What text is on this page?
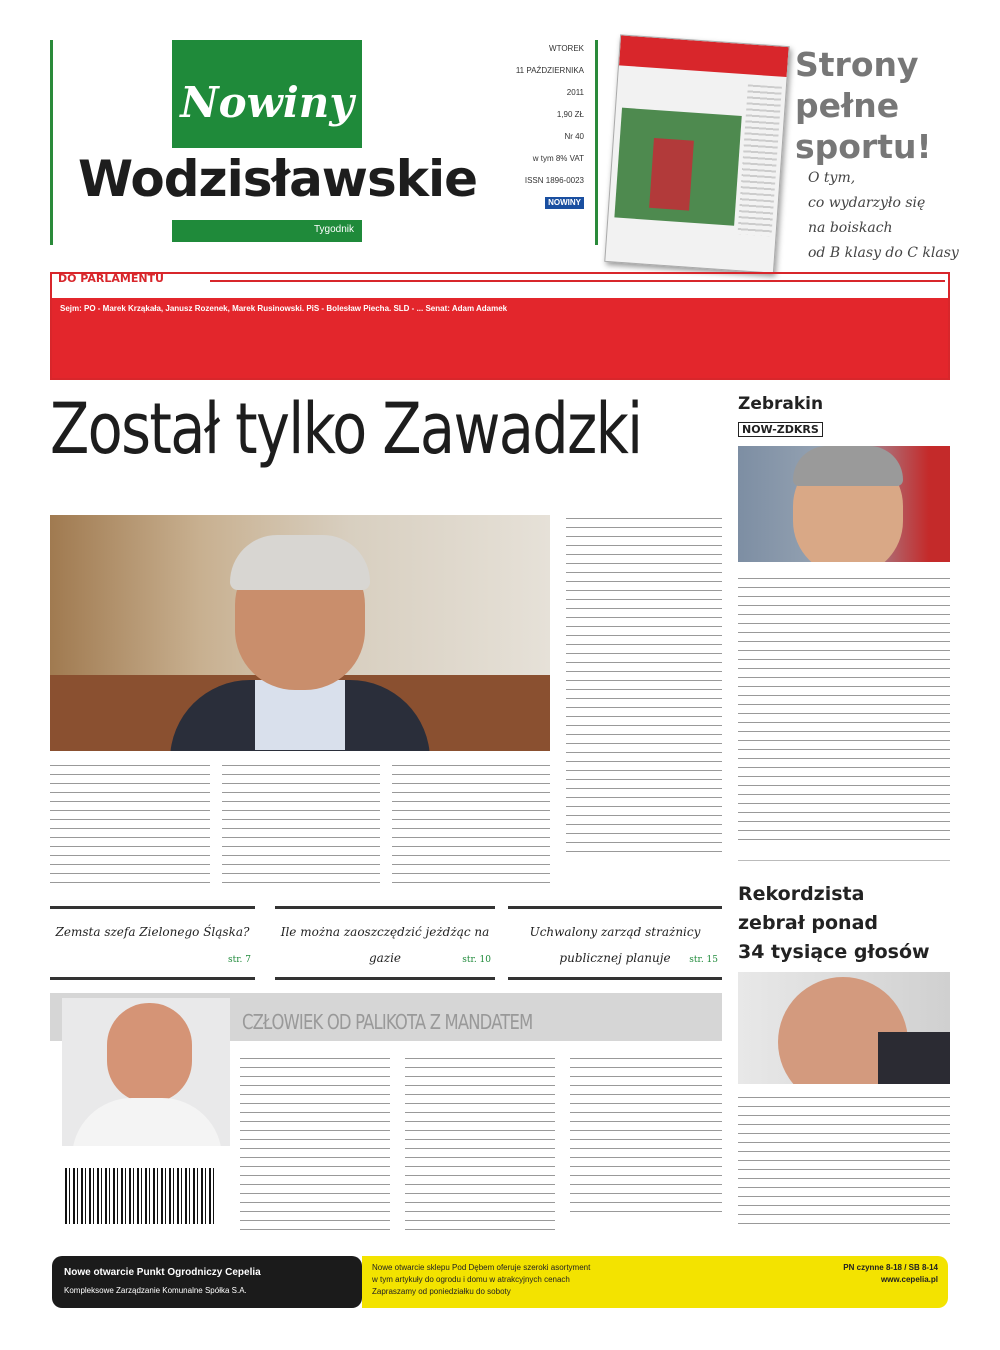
Nowiny
Wodzisławskie
Tygodnik
WTOREK
11 PAŹDZIERNIKA 2011
1,90 ZŁ
Nr 40
w tym 8% VAT
ISSN 1896-0023
NOWINY
Strony
pełne
sportu!
O tym,
co wydarzyło się
na boiskach
od B klasy do C klasy
DO PARLAMENTU
Sejm: PO - Marek Krząkała, Janusz Rozenek, Marek Rusinowski. PiS - Bolesław Piecha. SLD - ... Senat: Adam Adamek
Został tylko Zawadzki	Zebrakin
NOW-ZDKRS
Rekordzista
zebrał ponad
34 tysiące głosów
Zemsta szefa Zielonego Śląska?
str. 7
Ile można zaoszczędzić jeżdżąc na gazie	str. 10
Uchwalony zarząd strażnicy publicznej planuje	str. 15
CZŁOWIEK OD PALIKOTA Z MANDATEM
Nowe otwarcie Punkt Ogrodniczy Cepelia
Kompleksowe Zarządzanie Komunalne Spółka S.A.
Nowe otwarcie sklepu Pod Dębem oferuje szeroki asortyment
w tym artykuły do ogrodu i domu w atrakcyjnych cenach
Zapraszamy od poniedziałku do soboty
PN czynne 8-18 / SB 8-14
www.cepelia.pl
